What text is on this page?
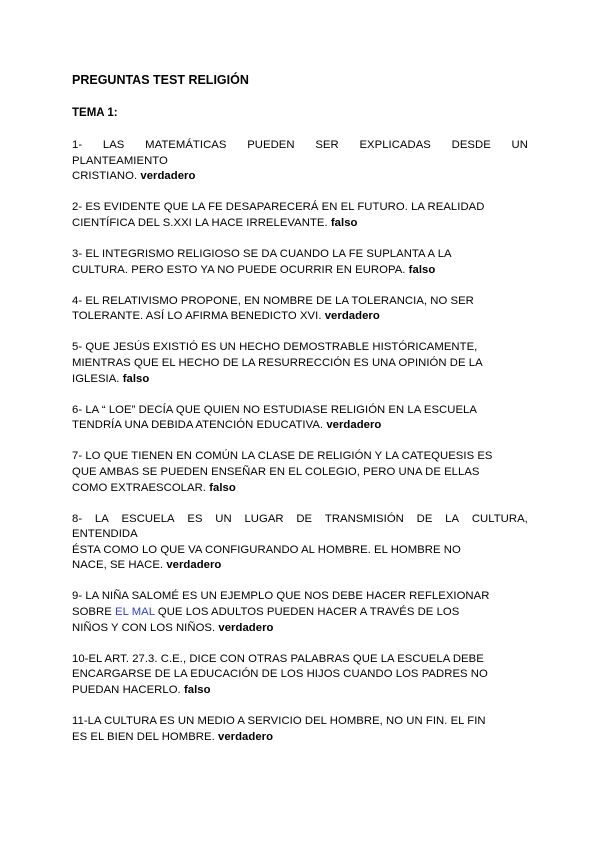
PREGUNTAS TEST RELIGIÓN
TEMA 1:
1- LAS MATEMÁTICAS PUEDEN SER EXPLICADAS DESDE UN
PLANTEAMIENTO
CRISTIANO. verdadero
2- ES EVIDENTE QUE LA FE DESAPARECERÁ EN EL FUTURO. LA REALIDAD
CIENTÍFICA DEL S.XXI LA HACE IRRELEVANTE. falso
3- EL INTEGRISMO RELIGIOSO SE DA CUANDO LA FE SUPLANTA A LA
CULTURA. PERO ESTO YA NO PUEDE OCURRIR EN EUROPA. falso
4- EL RELATIVISMO PROPONE, EN NOMBRE DE LA TOLERANCIA, NO SER
TOLERANTE. ASÍ LO AFIRMA BENEDICTO XVI. verdadero
5- QUE JESÚS EXISTIÓ ES UN HECHO DEMOSTRABLE HISTÓRICAMENTE,
MIENTRAS QUE EL HECHO DE LA RESURRECCIÓN ES UNA OPINIÓN DE LA
IGLESIA. falso
6- LA “ LOE” DECÍA QUE QUIEN NO ESTUDIASE RELIGIÓN EN LA ESCUELA
TENDRÍA UNA DEBIDA ATENCIÓN EDUCATIVA. verdadero
7- LO QUE TIENEN EN COMÚN LA CLASE DE RELIGIÓN Y LA CATEQUESIS ES
QUE AMBAS SE PUEDEN ENSEÑAR EN EL COLEGIO, PERO UNA DE ELLAS
COMO EXTRAESCOLAR. falso
8- LA ESCUELA ES UN LUGAR DE TRANSMISIÓN DE LA CULTURA,
ENTENDIDA
ÉSTA COMO LO QUE VA CONFIGURANDO AL HOMBRE. EL HOMBRE NO
NACE, SE HACE. verdadero
9- LA NIÑA SALOMÉ ES UN EJEMPLO QUE NOS DEBE HACER REFLEXIONAR
SOBRE EL MAL QUE LOS ADULTOS PUEDEN HACER A TRAVÉS DE LOS
NIÑOS Y CON LOS NIÑOS. verdadero
10-EL ART. 27.3. C.E., DICE CON OTRAS PALABRAS QUE LA ESCUELA DEBE
ENCARGARSE DE LA EDUCACIÓN DE LOS HIJOS CUANDO LOS PADRES NO
PUEDAN HACERLO. falso
11-LA CULTURA ES UN MEDIO A SERVICIO DEL HOMBRE, NO UN FIN. EL FIN
ES EL BIEN DEL HOMBRE. verdadero
